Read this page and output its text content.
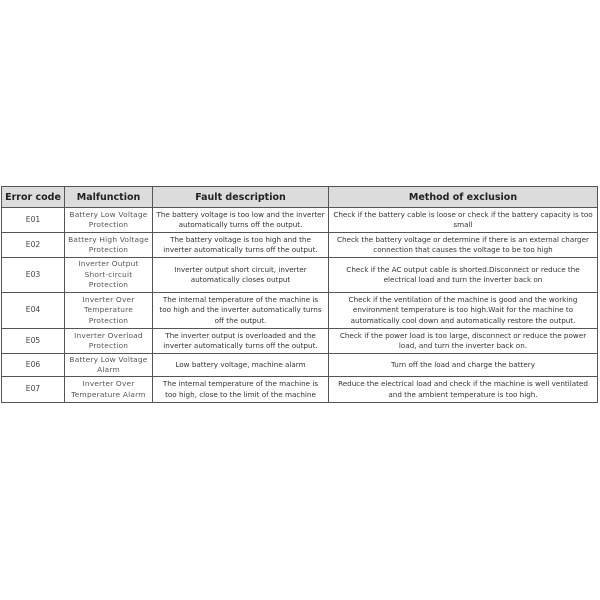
Error code	Malfunction	Fault description	Method of exclusion
E01	Battery Low Voltage Protection	The battery voltage is too low and the inverter automatically turns off the output.	Check if the battery cable is loose or check if the battery capacity is too small
E02	Battery High Voltage Protection	The battery voltage is too high and the inverter automatically turns off the output.	Check the battery voltage or determine if there is an external charger connection that causes the voltage to be too high
E03	Inverter Output Short-circuit Protection	Inverter output short circuit, inverter automatically closes output	Check if the AC output cable is shorted.Disconnect or reduce the electrical load and turn the inverter back on
E04	Inverter Over Temperature Protection	The internal temperature of the machine is too high and the inverter automatically turns off the output.	Check if the ventilation of the machine is good and the working environment temperature is too high.Wait for the machine to automatically cool down and automatically restore the output.
E05	Inverter Overload Protection	The inverter output is overloaded and the inverter automatically turns off the output.	Check if the power load is too large, disconnect or reduce the power load, and turn the inverter back on.
E06	Battery Low Voltage Alarm	Low battery voltage, machine alarm	Turn off the load and charge the battery
E07	Inverter Over Temperature Alarm	The internal temperature of the machine is too high, close to the limit of the machine	Reduce the electrical load and check if the machine is well ventilated and the ambient temperature is too high.
